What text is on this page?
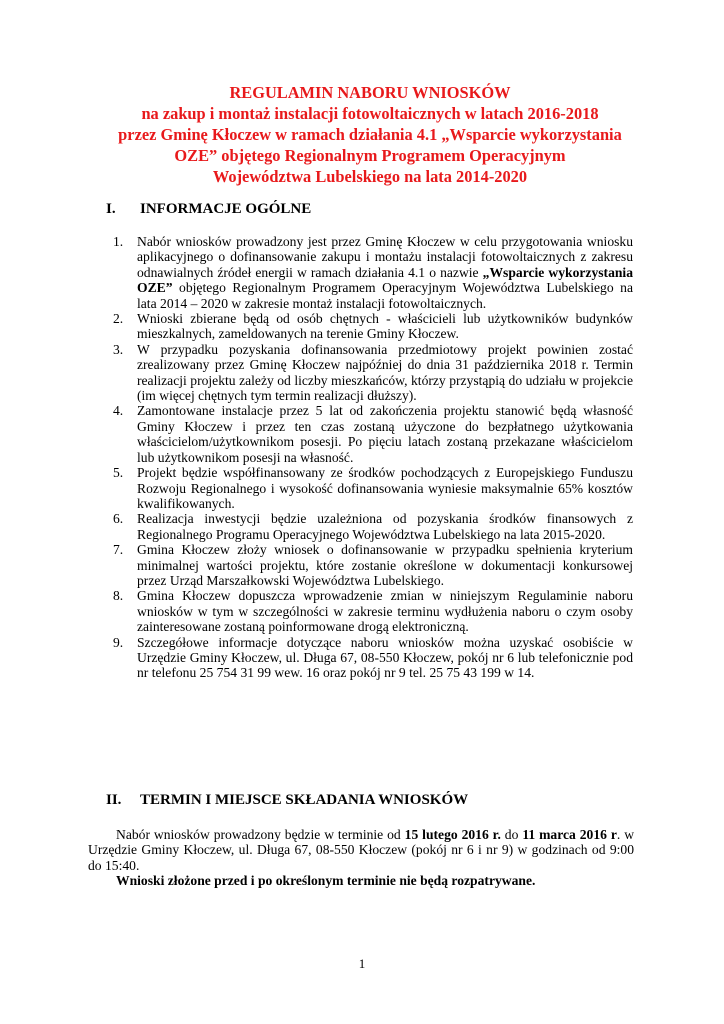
REGULAMIN NABORU WNIOSKÓW
na zakup i montaż instalacji fotowoltaicznych w latach 2016-2018
przez Gminę Kłoczew w ramach działania 4.1 „Wsparcie wykorzystania
OZE” objętego Regionalnym Programem Operacyjnym
Województwa Lubelskiego na lata 2014-2020
I. INFORMACJE OGÓLNE
1. Nabór wniosków prowadzony jest przez Gminę Kłoczew w celu przygotowania wniosku aplikacyjnego o dofinansowanie zakupu i montażu instalacji fotowoltaicznych z zakresu odnawialnych źródeł energii w ramach działania 4.1 o nazwie „Wsparcie wykorzystania OZE” objętego Regionalnym Programem Operacyjnym Województwa Lubelskiego na lata 2014 – 2020 w zakresie montaż instalacji fotowoltaicznych.
2. Wnioski zbierane będą od osób chętnych - właścicieli lub użytkowników budynków mieszkalnych, zameldowanych na terenie Gminy Kłoczew.
3. W przypadku pozyskania dofinansowania przedmiotowy projekt powinien zostać zrealizowany przez Gminę Kłoczew najpóźniej do dnia 31 października 2018 r. Termin realizacji projektu zależy od liczby mieszkańców, którzy przystąpią do udziału w projekcie (im więcej chętnych tym termin realizacji dłuższy).
4. Zamontowane instalacje przez 5 lat od zakończenia projektu stanowić będą własność Gminy Kłoczew i przez ten czas zostaną użyczone do bezpłatnego użytkowania właścicielom/użytkownikom posesji. Po pięciu latach zostaną przekazane właścicielom lub użytkownikom posesji na własność.
5. Projekt będzie współfinansowany ze środków pochodzących z Europejskiego Funduszu Rozwoju Regionalnego i wysokość dofinansowania wyniesie maksymalnie 65% kosztów kwalifikowanych.
6. Realizacja inwestycji będzie uzależniona od pozyskania środków finansowych z Regionalnego Programu Operacyjnego Województwa Lubelskiego na lata 2015-2020.
7. Gmina Kłoczew złoży wniosek o dofinansowanie w przypadku spełnienia kryterium minimalnej wartości projektu, które zostanie określone w dokumentacji konkursowej przez Urząd Marszałkowski Województwa Lubelskiego.
8. Gmina Kłoczew dopuszcza wprowadzenie zmian w niniejszym Regulaminie naboru wniosków w tym w szczególności w zakresie terminu wydłużenia naboru o czym osoby zainteresowane zostaną poinformowane drogą elektroniczną.
9. Szczegółowe informacje dotyczące naboru wniosków można uzyskać osobiście w Urzędzie Gminy Kłoczew, ul. Długa 67, 08-550 Kłoczew, pokój nr 6 lub telefonicznie pod nr telefonu 25 754 31 99 wew. 16 oraz pokój nr 9 tel. 25 75 43 199 w 14.
II. TERMIN I MIEJSCE SKŁADANIA WNIOSKÓW
Nabór wniosków prowadzony będzie w terminie od 15 lutego 2016 r. do 11 marca 2016 r. w Urzędzie Gminy Kłoczew, ul. Długa 67, 08-550 Kłoczew (pokój nr 6 i nr 9) w godzinach od 9:00 do 15:40.
Wnioski złożone przed i po określonym terminie nie będą rozpatrywane.
1
